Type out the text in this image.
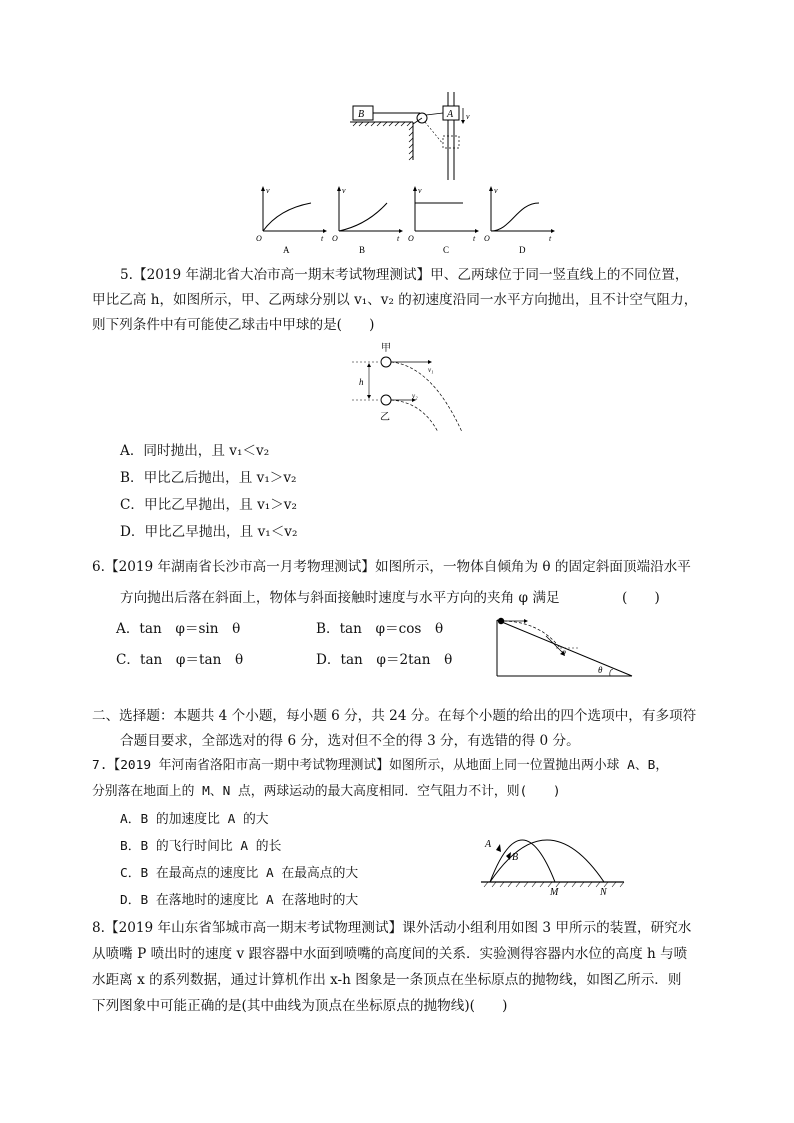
B	A v
v
t
O
A
v
t
O
B
v
t
O
C
v
t
O
D
5.【2019 年湖北省大冶市高一期末考试物理测试】甲、乙两球位于同一竖直线上的不同位置，
甲比乙高 h，如图所示，甲、乙两球分别以 v₁、v₂ 的初速度沿同一水平方向抛出，且不计空气阻力，
则下列条件中有可能使乙球击中甲球的是(　　)
甲
v₁
h
v₂
乙
A．同时抛出，且 v₁＜v₂
B．甲比乙后抛出，且 v₁＞v₂
C．甲比乙早抛出，且 v₁＞v₂
D．甲比乙早抛出，且 v₁＜v₂
6.【2019 年湖南省长沙市高一月考物理测试】如图所示，一物体自倾角为 θ 的固定斜面顶端沿水平
方向抛出后落在斜面上，物体与斜面接触时速度与水平方向的夹角 φ 满足	(　　)
A．tan　φ＝sin　θ	B．tan　φ＝cos　θ
C．tan　φ＝tan　θ	D．tan　φ＝2tan　θ	φ
θ
二、选择题：本题共 4 个小题，每小题 6 分，共 24 分。在每个小题的给出的四个选项中，有多项符
合题目要求，全部选对的得 6 分，选对但不全的得 3 分，有选错的得 0 分。
7.【2019 年河南省洛阳市高一期中考试物理测试】如图所示，从地面上同一位置抛出两小球 A、B，
分别落在地面上的 M、N 点，两球运动的最大高度相同．空气阻力不计，则(　　)
A．B 的加速度比 A 的大
B．B 的飞行时间比 A 的长
C．B 在最高点的速度比 A 在最高点的大
D．B 在落地时的速度比 A 在落地时的大
A
B
M	N
8.【2019 年山东省邹城市高一期末考试物理测试】课外活动小组利用如图 3 甲所示的装置，研究水
从喷嘴 P 喷出时的速度 v 跟容器中水面到喷嘴的高度间的关系．实验测得容器内水位的高度 h 与喷
水距离 x 的系列数据，通过计算机作出 x-h 图象是一条顶点在坐标原点的抛物线，如图乙所示．则
下列图象中可能正确的是(其中曲线为顶点在坐标原点的抛物线)(　　)
